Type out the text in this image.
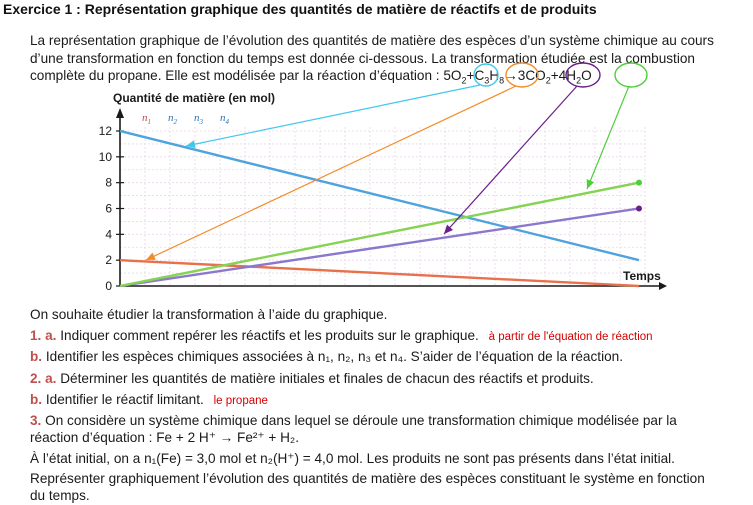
Exercice 1 : Représentation graphique des quantités de matière de réactifs et de produits

La représentation graphique de l’évolution des quantités de matière des espèces d’un système chimique au cours

d’une transformation en fonction du temps est donnée ci-dessous. La transformation étudiée est la combustion

complète du propane. Elle est modélisée par la réaction d’équation : $5O_2+C_3H_8\to 3CO_2+4H_2O$

0
2
4
6
8
10
12
$n_1$ $n_2$ $n_3$ $n_4$
Quantité de matière (en mol)
Temps
On souhaite étudier la transformation à l’aide du graphique.
1. a. Indiquer comment repérer les réactifs et les produits sur le graphique. à partir de l'équation de réaction
b. Identifier les espèces chimiques associées à n₁, n₂, n₃ et n₄. S’aider de l’équation de la réaction.
2. a. Déterminer les quantités de matière initiales et finales de chacun des réactifs et produits.
b. Identifier le réactif limitant. le propane
3. On considère un système chimique dans lequel se déroule une transformation chimique modélisée par la
réaction d’équation : Fe + 2 H⁺ → Fe²⁺ + H₂.
À l’état initial, on a n₁(Fe) = 3,0 mol et n₂(H⁺) = 4,0 mol. Les produits ne sont pas présents dans l’état initial.
Représenter graphiquement l’évolution des quantités de matière des espèces constituant le système en fonction
du temps.
